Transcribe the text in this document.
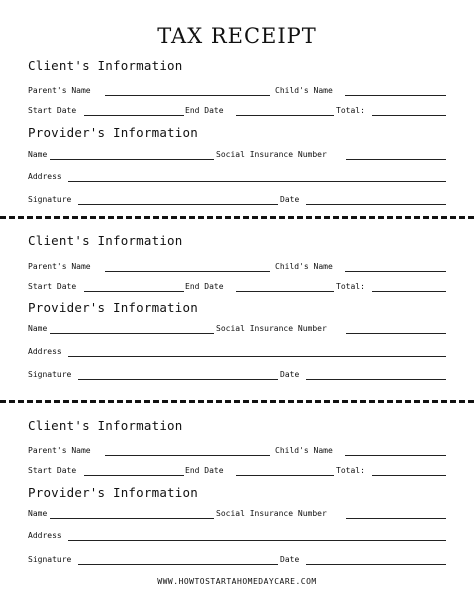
TAX RECEIPT
Client's Information
Parent's Name	Child's Name
Start Date	End Date	Total:
Provider's Information
Name	Social Insurance Number
Address
Signature	Date
Client's Information
Parent's Name	Child's Name
Start Date	End Date	Total:
Provider's Information
Name	Social Insurance Number
Address
Signature	Date
Client's Information
Parent's Name	Child's Name
Start Date	End Date	Total:
Provider's Information
Name	Social Insurance Number
Address
Signature	Date
WWW.HOWTOSTARTAHOMEDAYCARE.COM
